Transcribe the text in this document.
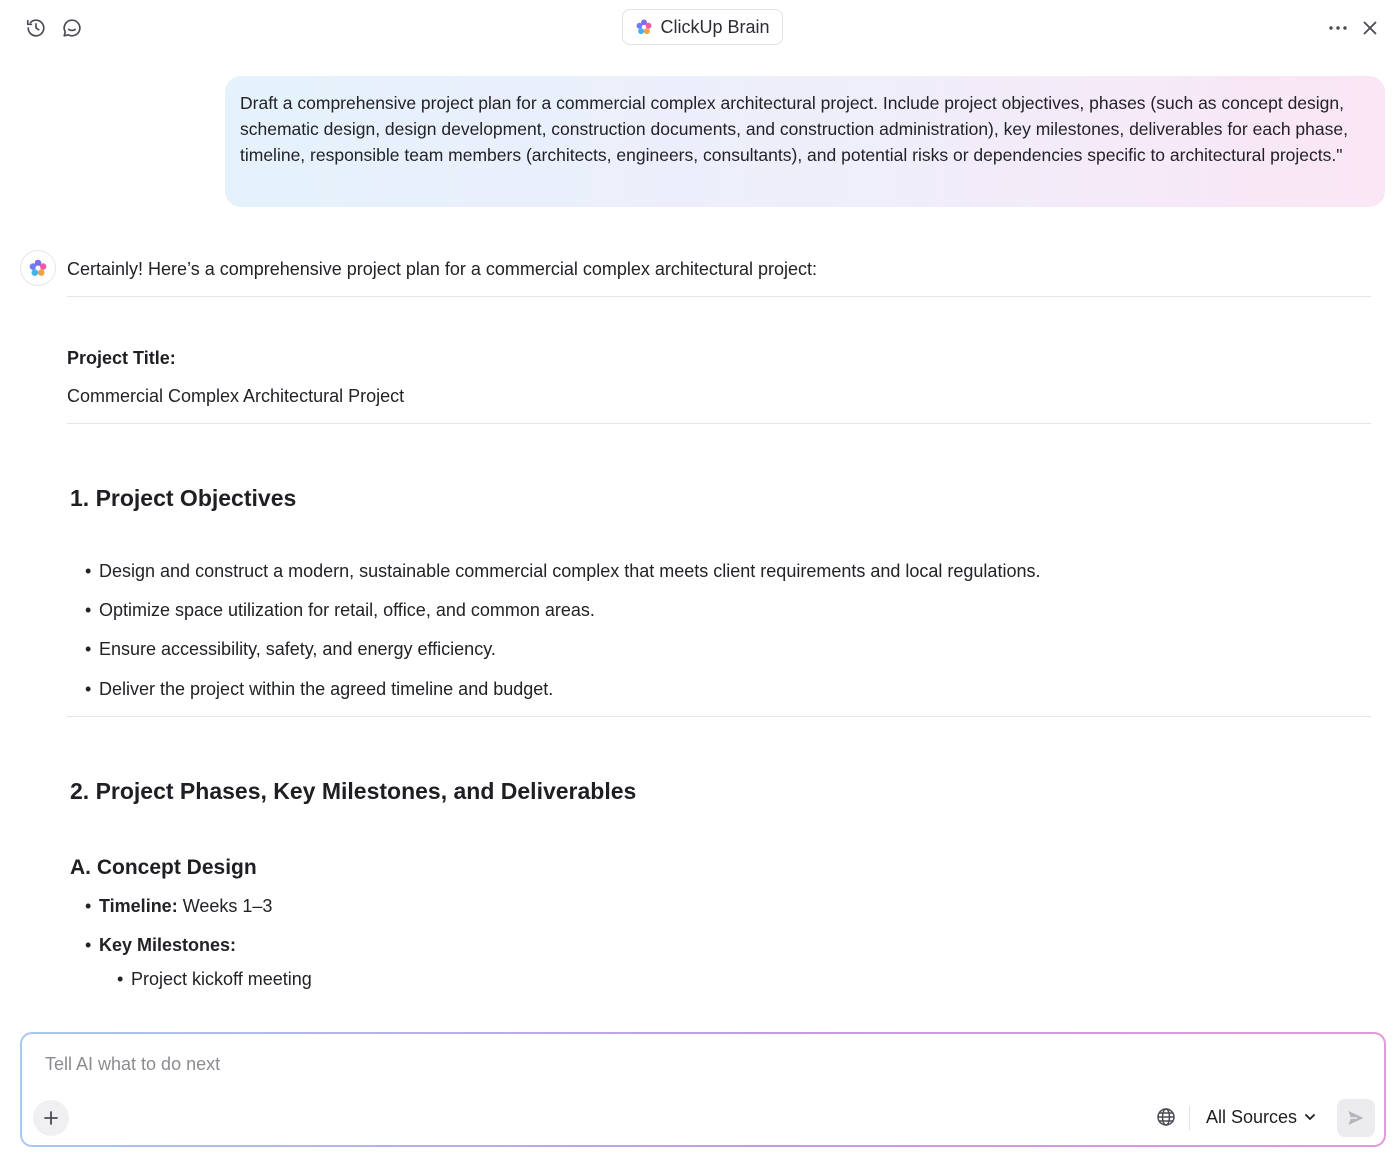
ClickUp Brain
Draft a comprehensive project plan for a commercial complex architectural project. Include project objectives, phases (such as concept design, schematic design, design development, construction documents, and construction administration), key milestones, deliverables for each phase, timeline, responsible team members (architects, engineers, consultants), and potential risks or dependencies specific to architectural projects."
Certainly! Here’s a comprehensive project plan for a commercial complex architectural project:
Project Title:
Commercial Complex Architectural Project
1. Project Objectives
• Design and construct a modern, sustainable commercial complex that meets client requirements and local regulations.
• Optimize space utilization for retail, office, and common areas.
• Ensure accessibility, safety, and energy efficiency.
• Deliver the project within the agreed timeline and budget.
2. Project Phases, Key Milestones, and Deliverables
A. Concept Design
• Timeline: Weeks 1–3
• Key Milestones:
• Project kickoff meeting
Tell AI what to do next
All Sources
